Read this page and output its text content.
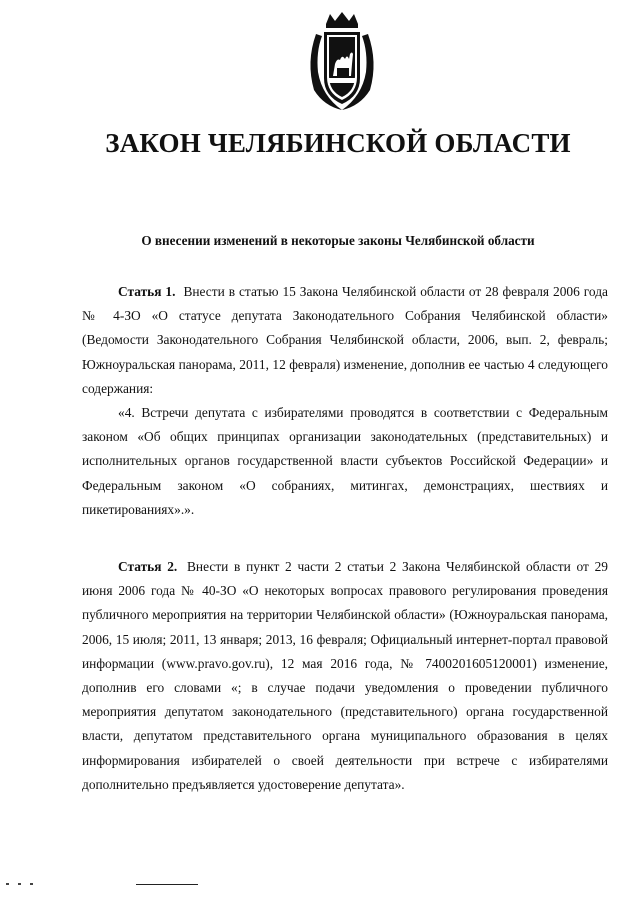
ЗАКОН ЧЕЛЯБИНСКОЙ ОБЛАСТИ
О внесении изменений в некоторые законы Челябинской области

Статья 1. Внести в статью 15 Закона Челябинской области от 28 февраля 2006 года № 4-ЗО «О статусе депутата Законодательного Собрания Челябинской области» (Ведомости Законодательного Собрания Челябинской области, 2006, вып. 2, февраль; Южноуральская панорама, 2011, 12 февраля) изменение, дополнив ее частью 4 следующего содержания:

«4. Встречи депутата с избирателями проводятся в соответствии с Федеральным законом «Об общих принципах организации законодательных (представительных) и исполнительных органов государственной власти субъектов Российской Федерации» и Федеральным законом «О собраниях, митингах, демонстрациях, шествиях и пикетированиях».».

Статья 2. Внести в пункт 2 части 2 статьи 2 Закона Челябинской области от 29 июня 2006 года № 40-ЗО «О некоторых вопросах правового регулирования проведения публичного мероприятия на территории Челябинской области» (Южноуральская панорама, 2006, 15 июля; 2011, 13 января; 2013, 16 февраля; Официальный интернет-портал правовой информации (www.pravo.gov.ru), 12 мая 2016 года, № 7400201605120001) изменение, дополнив его словами «; в случае подачи уведомления о проведении публичного мероприятия депутатом законодательного (представительного) органа государственной власти, депутатом представительного органа муниципального образования в целях информирования избирателей о своей деятельности при встрече с избирателями дополнительно предъявляется удостоверение депутата».
